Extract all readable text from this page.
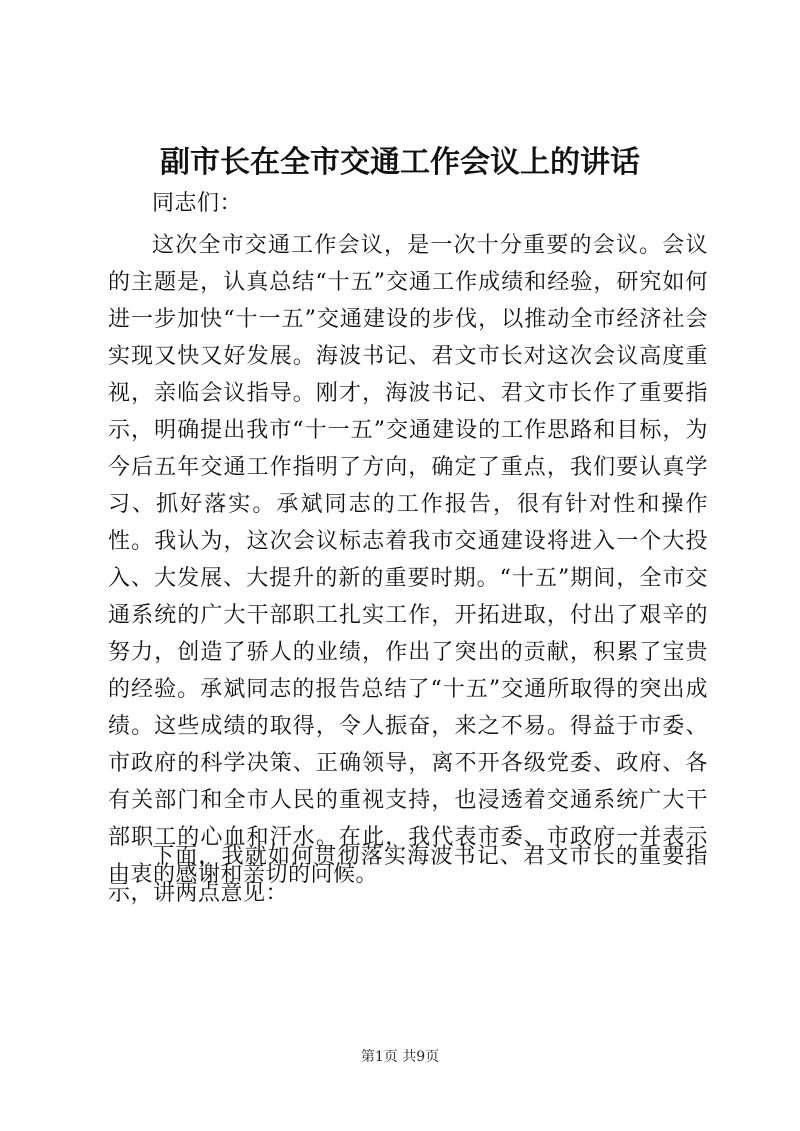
副市长在全市交通工作会议上的讲话
同志们：
这次全市交通工作会议，是一次十分重要的会议。会议的主题是，认真总结“十五”交通工作成绩和经验，研究如何进一步加快“十一五”交通建设的步伐，以推动全市经济社会实现又快又好发展。海波书记、君文市长对这次会议高度重视，亲临会议指导。刚才，海波书记、君文市长作了重要指示，明确提出我市“十一五”交通建设的工作思路和目标，为今后五年交通工作指明了方向，确定了重点，我们要认真学习、抓好落实。承斌同志的工作报告，很有针对性和操作性。我认为，这次会议标志着我市交通建设将进入一个大投入、大发展、大提升的新的重要时期。“十五”期间，全市交通系统的广大干部职工扎实工作，开拓进取，付出了艰辛的努力，创造了骄人的业绩，作出了突出的贡献，积累了宝贵的经验。承斌同志的报告总结了“十五”交通所取得的突出成绩。这些成绩的取得，令人振奋，来之不易。得益于市委、市政府的科学决策、正确领导，离不开各级党委、政府、各有关部门和全市人民的重视支持，也浸透着交通系统广大干部职工的心血和汗水。在此，我代表市委、市政府一并表示由衷的感谢和亲切的问候。
下面，我就如何贯彻落实海波书记、君文市长的重要指示，讲两点意见：
第1页 共9页
